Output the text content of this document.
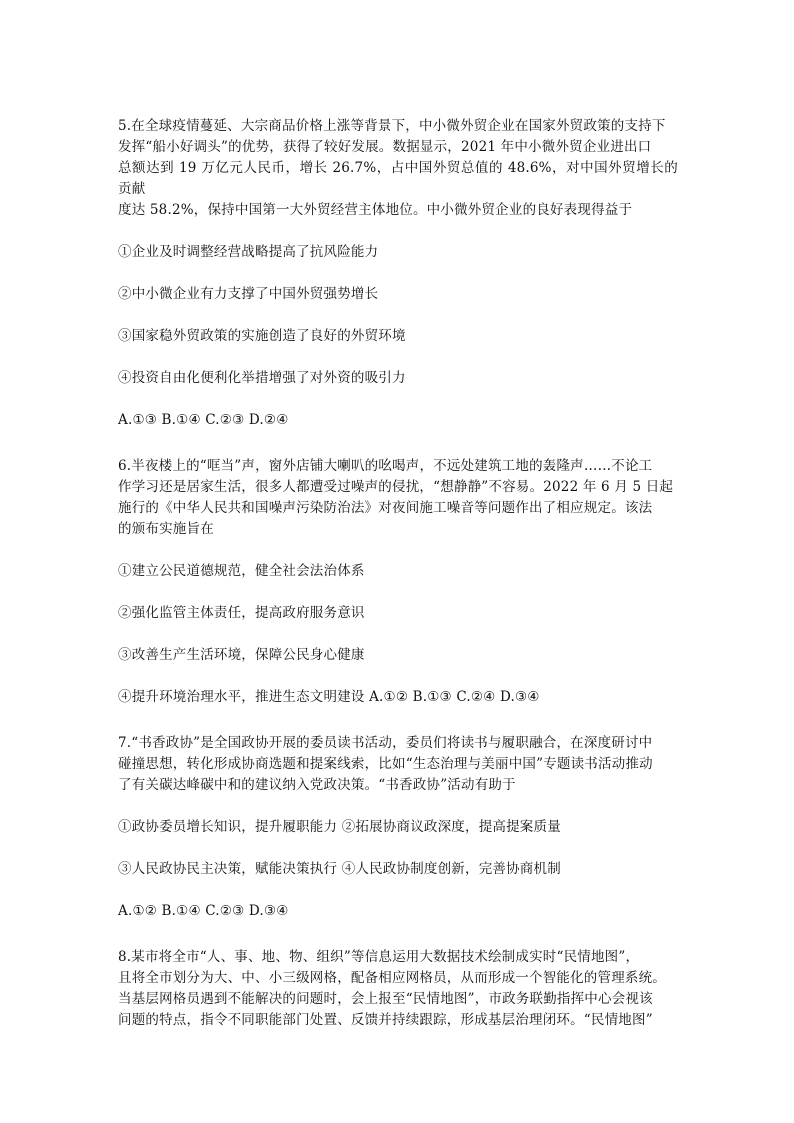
5.在全球疫情蔓延、大宗商品价格上涨等背景下，中小微外贸企业在国家外贸政策的支持下

发挥“船小好调头”的优势，获得了较好发展。数据显示，2021 年中小微外贸企业进出口

总额达到 19 万亿元人民币，增长 26.7%，占中国外贸总值的 48.6%，对中国外贸增长的贡献

度达 58.2%，保持中国第一大外贸经营主体地位。中小微外贸企业的良好表现得益于

①企业及时调整经营战略提高了抗风险能力

②中小微企业有力支撑了中国外贸强势增长

③国家稳外贸政策的实施创造了良好的外贸环境

④投资自由化便利化举措增强了对外资的吸引力

A.①③ B.①④ C.②③ D.②④

6.半夜楼上的“哐当”声，窗外店铺大喇叭的吆喝声，不远处建筑工地的轰隆声……不论工

作学习还是居家生活，很多人都遭受过噪声的侵扰，“想静静”不容易。2022 年 6 月 5 日起

施行的《中华人民共和国噪声污染防治法》对夜间施工噪音等问题作出了相应规定。该法

的颁布实施旨在

①建立公民道德规范，健全社会法治体系

②强化监管主体责任，提高政府服务意识

③改善生产生活环境，保障公民身心健康

④提升环境治理水平，推进生态文明建设 A.①② B.①③ C.②④ D.③④

7.“书香政协”是全国政协开展的委员读书活动，委员们将读书与履职融合，在深度研讨中

碰撞思想，转化形成协商选题和提案线索，比如“生态治理与美丽中国”专题读书活动推动

了有关碳达峰碳中和的建议纳入党政决策。“书香政协”活动有助于

①政协委员增长知识，提升履职能力 ②拓展协商议政深度，提高提案质量

③人民政协民主决策，赋能决策执行 ④人民政协制度创新，完善协商机制

A.①② B.①④ C.②③ D.③④

8.某市将全市“人、事、地、物、组织”等信息运用大数据技术绘制成实时“民情地图”，

且将全市划分为大、中、小三级网格，配备相应网格员，从而形成一个智能化的管理系统。

当基层网格员遇到不能解决的问题时，会上报至“民情地图”，市政务联勤指挥中心会视该

问题的特点，指令不同职能部门处置、反馈并持续跟踪，形成基层治理闭环。“民情地图”
